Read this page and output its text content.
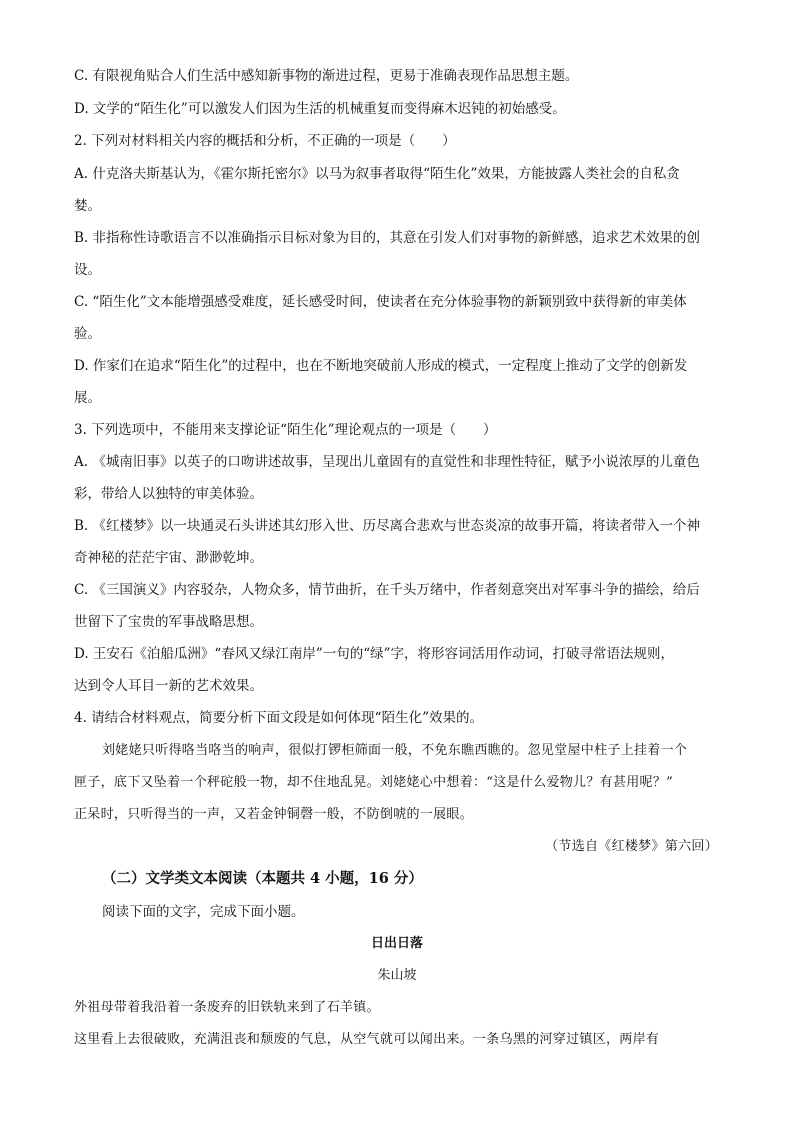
C. 有限视角贴合人们生活中感知新事物的渐进过程，更易于准确表现作品思想主题。
D. 文学的“陌生化”可以激发人们因为生活的机械重复而变得麻木迟钝的初始感受。
2. 下列对材料相关内容的概括和分析，不正确的一项是（　　）
A. 什克洛夫斯基认为，《霍尔斯托密尔》以马为叙事者取得“陌生化”效果，方能披露人类社会的自私贪
婪。
B. 非指称性诗歌语言不以准确指示目标对象为目的，其意在引发人们对事物的新鲜感，追求艺术效果的创
设。
C. “陌生化”文本能增强感受难度，延长感受时间，使读者在充分体验事物的新颖别致中获得新的审美体
验。
D. 作家们在追求“陌生化”的过程中，也在不断地突破前人形成的模式，一定程度上推动了文学的创新发
展。
3. 下列选项中，不能用来支撑论证“陌生化”理论观点的一项是（　　）
A. 《城南旧事》以英子的口吻讲述故事，呈现出儿童固有的直觉性和非理性特征，赋予小说浓厚的儿童色
彩，带给人以独特的审美体验。
B. 《红楼梦》以一块通灵石头讲述其幻形入世、历尽离合悲欢与世态炎凉的故事开篇，将读者带入一个神
奇神秘的茫茫宇宙、渺渺乾坤。
C. 《三国演义》内容驳杂，人物众多，情节曲折，在千头万绪中，作者刻意突出对军事斗争的描绘，给后
世留下了宝贵的军事战略思想。
D. 王安石《泊船瓜洲》“春风又绿江南岸”一句的“绿”字，将形容词活用作动词，打破寻常语法规则，
达到令人耳目一新的艺术效果。
4. 请结合材料观点，简要分析下面文段是如何体现“陌生化”效果的。
刘姥姥只听得咯当咯当的响声，很似打锣柜筛面一般，不免东瞧西瞧的。忽见堂屋中柱子上挂着一个
匣子，底下又坠着一个秤砣般一物，却不住地乱晃。刘姥姥心中想着：“这是什么爱物儿？有甚用呢？”
正呆时，只听得当的一声，又若金钟铜磬一般，不防倒唬的一展眼。
（节选自《红楼梦》第六回）
（二）文学类文本阅读（本题共 4 小题，16 分）
阅读下面的文字，完成下面小题。
日出日落
朱山坡
外祖母带着我沿着一条废弃的旧铁轨来到了石羊镇。
这里看上去很破败，充满沮丧和颓废的气息，从空气就可以闻出来。一条乌黑的河穿过镇区，两岸有
